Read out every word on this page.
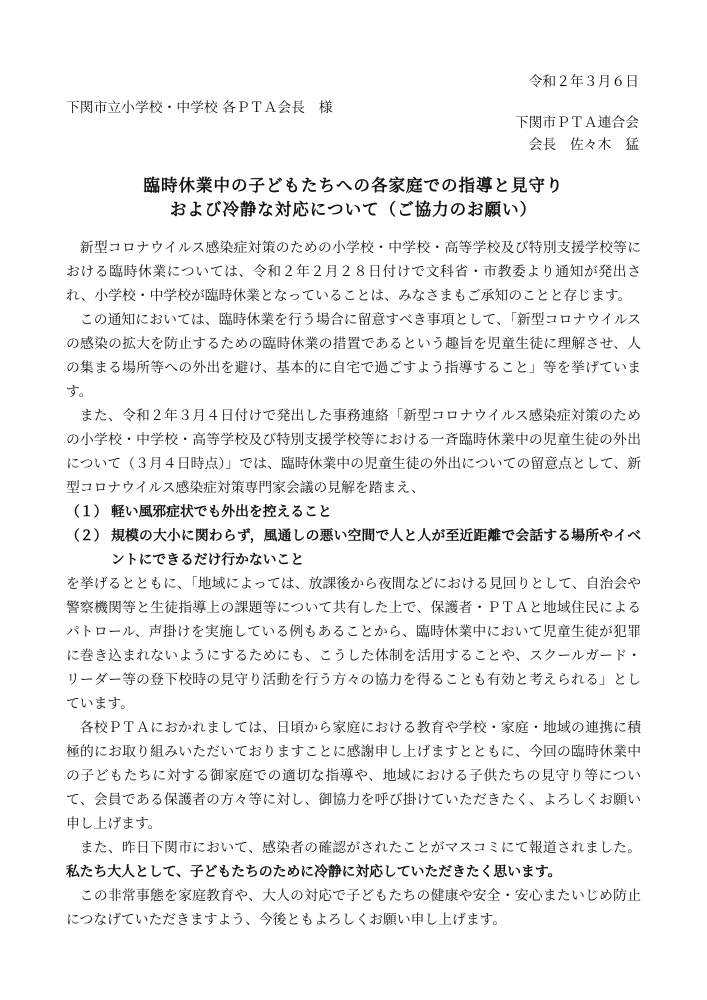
令和２年３月６日
下関市立小学校・中学校 各ＰＴＡ会長　様
下関市ＰＴＡ連合会
会長　佐々木　猛
臨時休業中の子どもたちへの各家庭での指導と見守り
および冷静な対応について（ご協力のお願い）

新型コロナウイルス感染症対策のための小学校・中学校・高等学校及び特別支援学校等における臨時休業については、令和２年２月２８日付けで文科省・市教委より通知が発出され、小学校・中学校が臨時休業となっていることは、みなさまもご承知のことと存じます。

この通知においては、臨時休業を行う場合に留意すべき事項として、「新型コロナウイルスの感染の拡大を防止するための臨時休業の措置であるという趣旨を児童生徒に理解させ、人の集まる場所等への外出を避け、基本的に自宅で過ごすよう指導すること」等を挙げています。

また、令和２年３月４日付けで発出した事務連絡「新型コロナウイルス感染症対策のための小学校・中学校・高等学校及び特別支援学校等における一斉臨時休業中の児童生徒の外出について（３月４日時点）」では、臨時休業中の児童生徒の外出についての留意点として、新型コロナウイルス感染症対策専門家会議の見解を踏まえ、

（１） 軽い風邪症状でも外出を控えること
（２） 規模の大小に関わらず，風通しの悪い空間で人と人が至近距離で会話する場所やイベントにできるだけ行かないこと

を挙げるとともに、「地域によっては、放課後から夜間などにおける見回りとして、自治会や警察機関等と生徒指導上の課題等について共有した上で、保護者・ＰＴＡと地域住民によるパトロール、声掛けを実施している例もあることから、臨時休業中において児童生徒が犯罪に巻き込まれないようにするためにも、こうした体制を活用することや、スクールガード・リーダー等の登下校時の見守り活動を行う方々の協力を得ることも有効と考えられる」としています。

各校ＰＴＡにおかれましては、日頃から家庭における教育や学校・家庭・地域の連携に積極的にお取り組みいただいておりますことに感謝申し上げますとともに、今回の臨時休業中の子どもたちに対する御家庭での適切な指導や、地域における子供たちの見守り等について、会員である保護者の方々等に対し、御協力を呼び掛けていただきたく、よろしくお願い申し上げます。

また、昨日下関市において、感染者の確認がされたことがマスコミにて報道されました。私たち大人として、子どもたちのために冷静に対応していただきたく思います。

この非常事態を家庭教育や、大人の対応で子どもたちの健康や安全・安心またいじめ防止につなげていただきますよう、今後ともよろしくお願い申し上げます。
